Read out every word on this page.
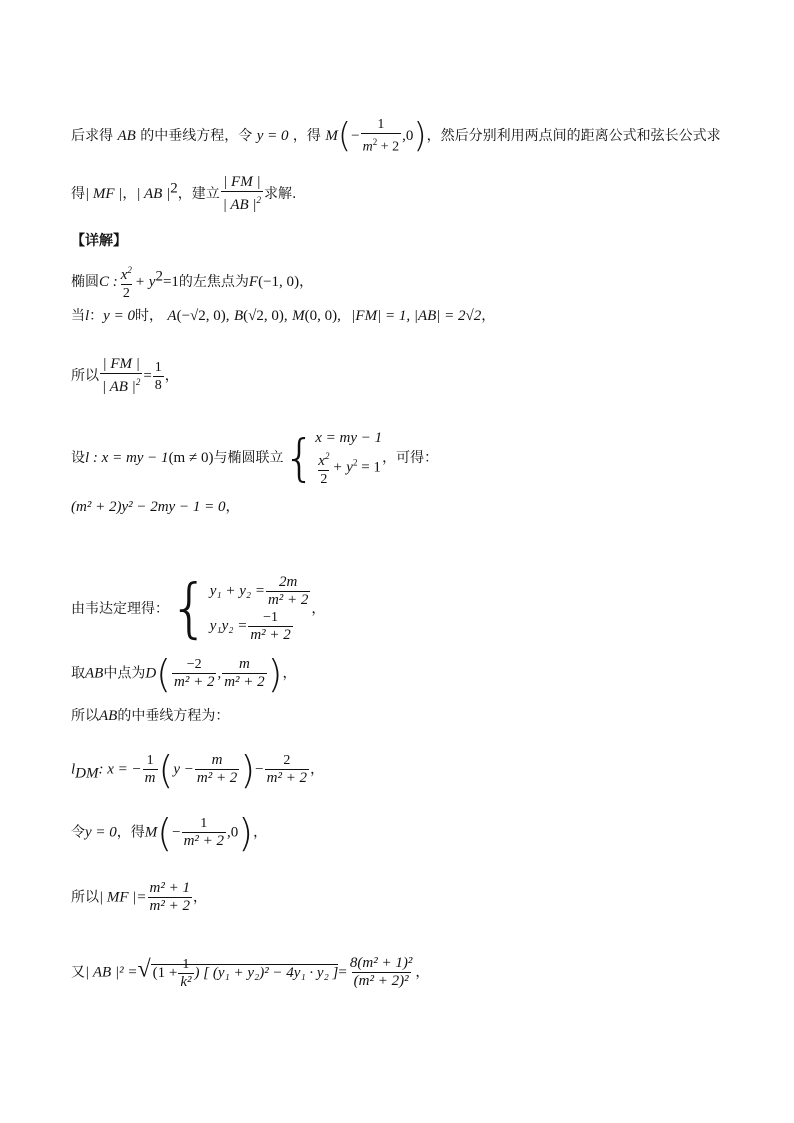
后求得 AB 的中垂线方程，令 y = 0 ，得 $M(- \frac{1}{m^2 + 2} ,0)$，然后分别利用两点间的距离公式和弦长公式求
得| MF |，| AB $|^2$，建立 $\frac{| FM |}{| AB |^2}$ 求解.
【详解】
椭圆C : $\frac{x^2}{2} + y^2=1$的左焦点为F(−1, 0)，
当l：y = 0时， A(−√2, 0), B(√2, 0), M(0, 0), |FM| = 1, |AB| = 2√2，
所以 $\frac{| FM |}{| AB |^2} = \frac{1}{8}$ ，
设l : x = my − 1(m ≠ 0)与椭圆联立{ x = my − 1
$\frac{x^2}{2} + y^2 = 1$
，可得：
(m² + 2)y² − 2my − 1 = 0，
由韦达定理得：{ $y_1 + y_2 = \frac{2m}{\text{m² + 2}}$
$y_1y_2 = \frac{-1}{\text{m² + 2}}$ ，
取AB中点为$D( \frac{-2}{\text{m² + 2}}$ , $\frac{m}{\text{m² + 2}}$ )，
所以AB的中垂线方程为：
$l_{DM}$: x = − $\frac{1}{m} (y - \frac{m}{\text{m² + 2}}$ )− $\frac{2}{\text{m² + 2}}$ ，
令y = 0，得$M(- \frac{1}{\text{m² + 2}} ,0)$，
所以| MF |= $\frac{\text{m² + 1}}{\text{m² + 2}}$ ，
又| AB |² =√ ($1 + \frac{1}{\text{k²}}$ ) [ (y₁ + y₂)² − 4y₁ · y₂ ]= $\frac{\text{8(m² + 1)²}}{\text{(m² + 2)²}}$ ，
